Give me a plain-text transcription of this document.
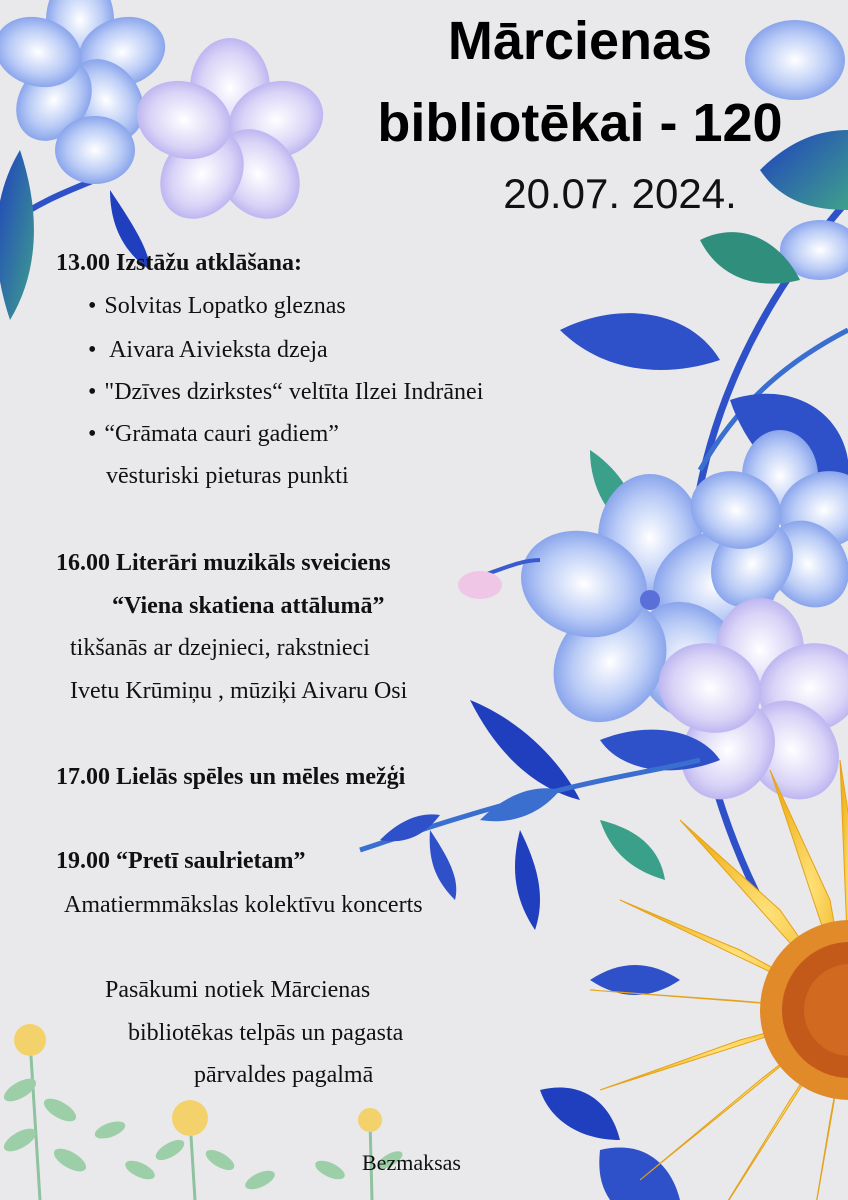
Mārcienas
bibliotēkai - 120
20.07. 2024.
13.00 Izstāžu atklāšana:
• Solvitas Lopatko gleznas
• Aivara Aivieksta dzeja
• "Dzīves dzirkstes“ veltīta Ilzei Indrānei
• “Grāmata cauri gadiem”
vēsturiski pieturas punkti
16.00 Literāri muzikāls sveiciens
“Viena skatiena attālumā”
tikšanās ar dzejnieci, rakstnieci
Ivetu Krūmiņu , mūziķi Aivaru Osi
17.00 Lielās spēles un mēles mežģi
19.00 “Pretī saulrietam”
Amatiermmākslas kolektīvu koncerts
Pasākumi notiek Mārcienas
bibliotēkas telpās un pagasta
pārvaldes pagalmā
Bezmaksas
